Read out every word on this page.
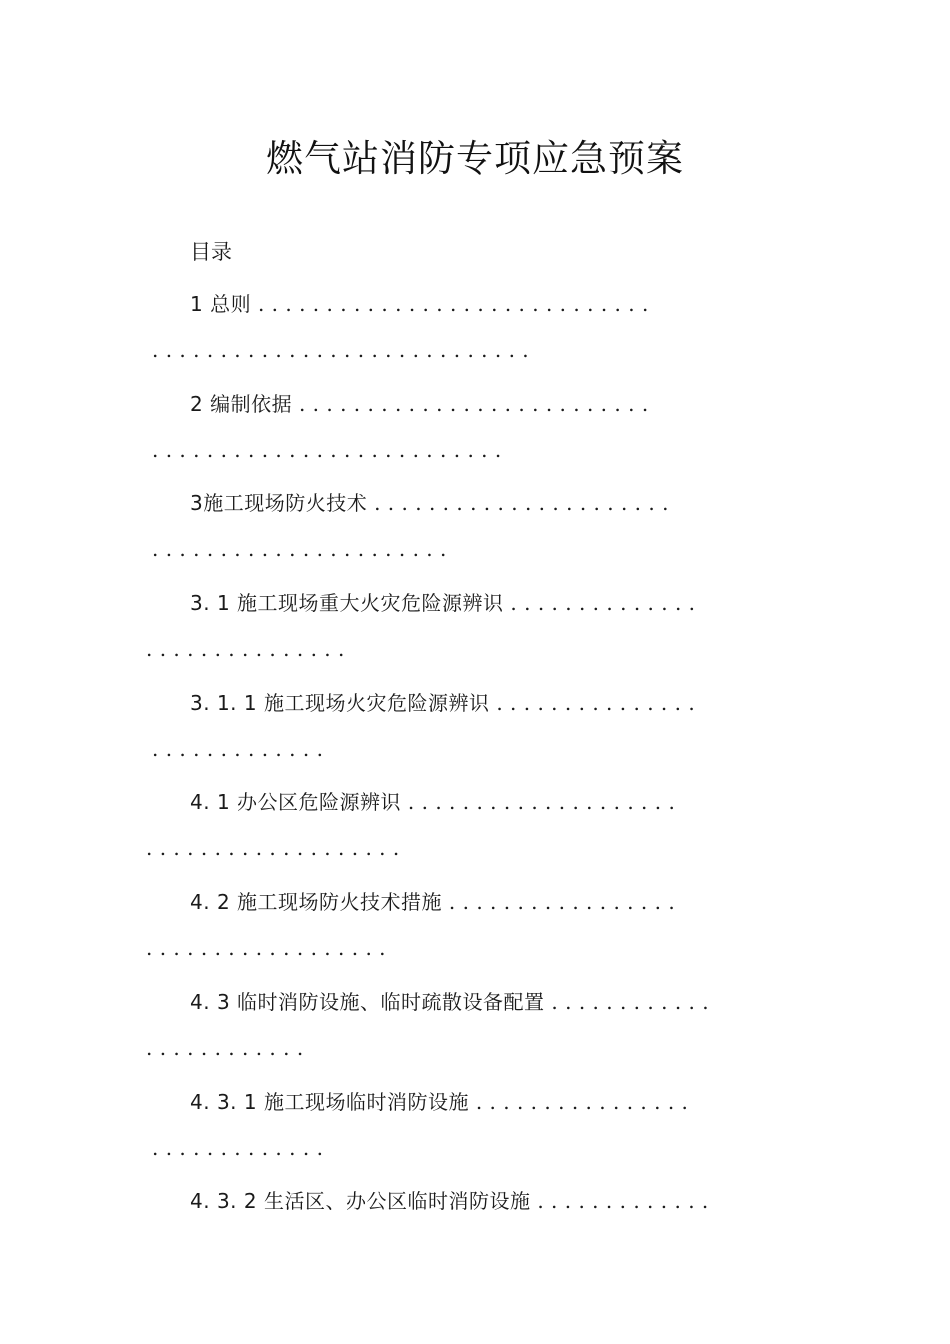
燃气站消防专项应急预案
目录
1 总则 . . . . . . . . . . . . . . . . . . . . . . . . . . . . .
. . . . . . . . . . . . . . . . . . . . . . . . . . . .
2 编制依据 . . . . . . . . . . . . . . . . . . . . . . . . . .
. . . . . . . . . . . . . . . . . . . . . . . . . .
3施工现场防火技术 . . . . . . . . . . . . . . . . . . . . . .
. . . . . . . . . . . . . . . . . . . . . .
3. 1 施工现场重大火灾危险源辨识 . . . . . . . . . . . . . .
. . . . . . . . . . . . . . .
3. 1. 1 施工现场火灾危险源辨识 . . . . . . . . . . . . . . .
. . . . . . . . . . . . .
4. 1 办公区危险源辨识 . . . . . . . . . . . . . . . . . . . .
. . . . . . . . . . . . . . . . . . .
4. 2 施工现场防火技术措施 . . . . . . . . . . . . . . . . .
. . . . . . . . . . . . . . . . . .
4. 3 临时消防设施、临时疏散设备配置 . . . . . . . . . . . .
. . . . . . . . . . . .
4. 3. 1 施工现场临时消防设施 . . . . . . . . . . . . . . . .
. . . . . . . . . . . . .
4. 3. 2 生活区、办公区临时消防设施 . . . . . . . . . . . . .
